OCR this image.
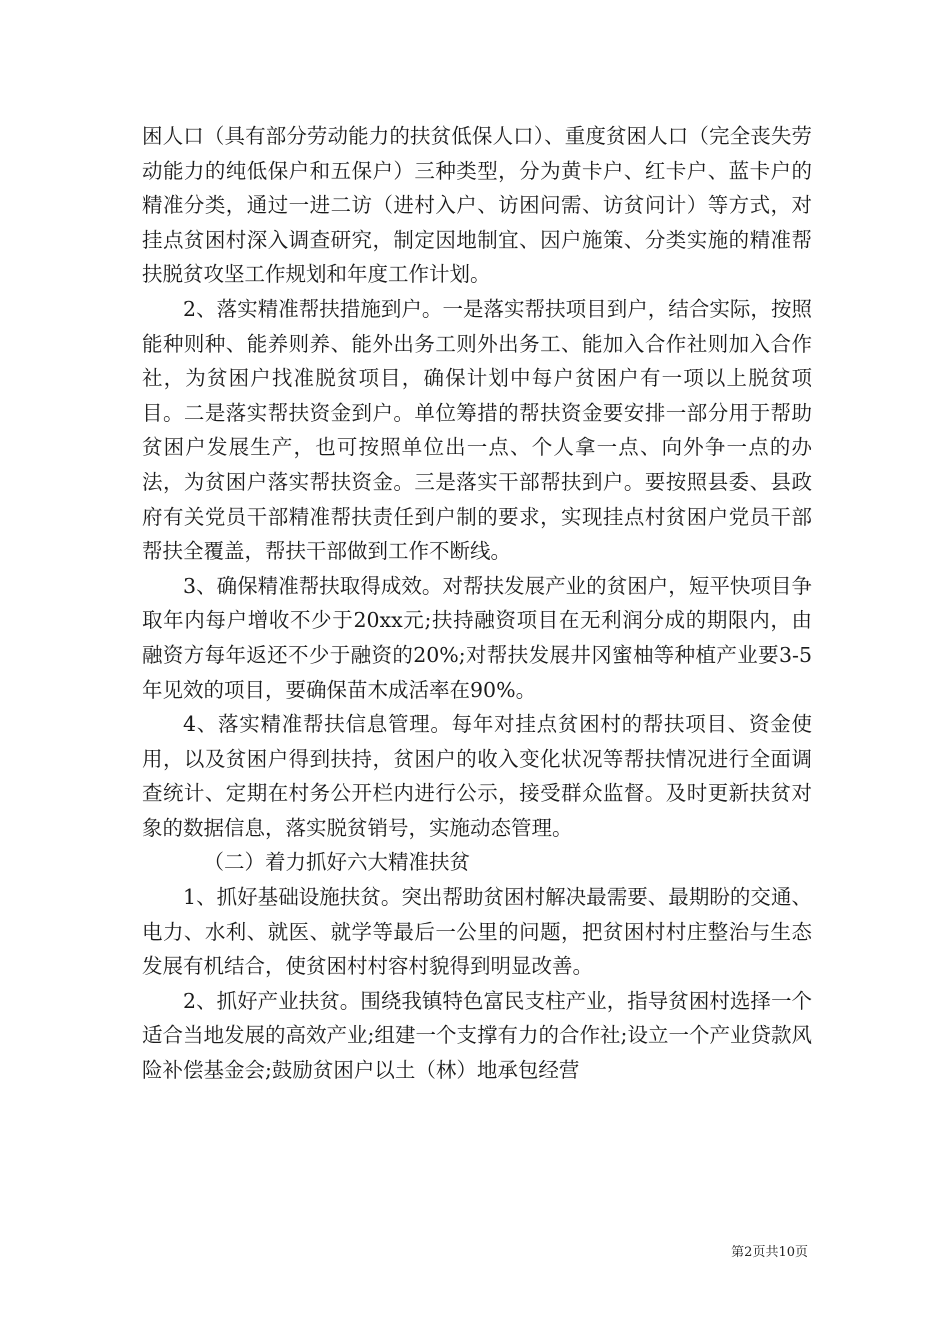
困人口（具有部分劳动能力的扶贫低保人口）、重度贫困人口（完全丧失劳动能力的纯低保户和五保户）三种类型，分为黄卡户、红卡户、蓝卡户的精准分类，通过一进二访（进村入户、访困问需、访贫问计）等方式，对挂点贫困村深入调查研究，制定因地制宜、因户施策、分类实施的精准帮扶脱贫攻坚工作规划和年度工作计划。

2、落实精准帮扶措施到户。一是落实帮扶项目到户，结合实际，按照能种则种、能养则养、能外出务工则外出务工、能加入合作社则加入合作社，为贫困户找准脱贫项目，确保计划中每户贫困户有一项以上脱贫项目。二是落实帮扶资金到户。单位筹措的帮扶资金要安排一部分用于帮助贫困户发展生产，也可按照单位出一点、个人拿一点、向外争一点的办法，为贫困户落实帮扶资金。三是落实干部帮扶到户。要按照县委、县政府有关党员干部精准帮扶责任到户制的要求，实现挂点村贫困户党员干部帮扶全覆盖，帮扶干部做到工作不断线。

3、确保精准帮扶取得成效。对帮扶发展产业的贫困户，短平快项目争取年内每户增收不少于20xx元;扶持融资项目在无利润分成的期限内，由融资方每年返还不少于融资的20%;对帮扶发展井冈蜜柚等种植产业要3-5年见效的项目，要确保苗木成活率在90%。

4、落实精准帮扶信息管理。每年对挂点贫困村的帮扶项目、资金使用，以及贫困户得到扶持，贫困户的收入变化状况等帮扶情况进行全面调查统计、定期在村务公开栏内进行公示，接受群众监督。及时更新扶贫对象的数据信息，落实脱贫销号，实施动态管理。

（二）着力抓好六大精准扶贫

1、抓好基础设施扶贫。突出帮助贫困村解决最需要、最期盼的交通、电力、水利、就医、就学等最后一公里的问题，把贫困村村庄整治与生态发展有机结合，使贫困村村容村貌得到明显改善。

2、抓好产业扶贫。围绕我镇特色富民支柱产业，指导贫困村选择一个适合当地发展的高效产业;组建一个支撑有力的合作社;设立一个产业贷款风险补偿基金会;鼓励贫困户以土（林）地承包经营

第2页共10页
